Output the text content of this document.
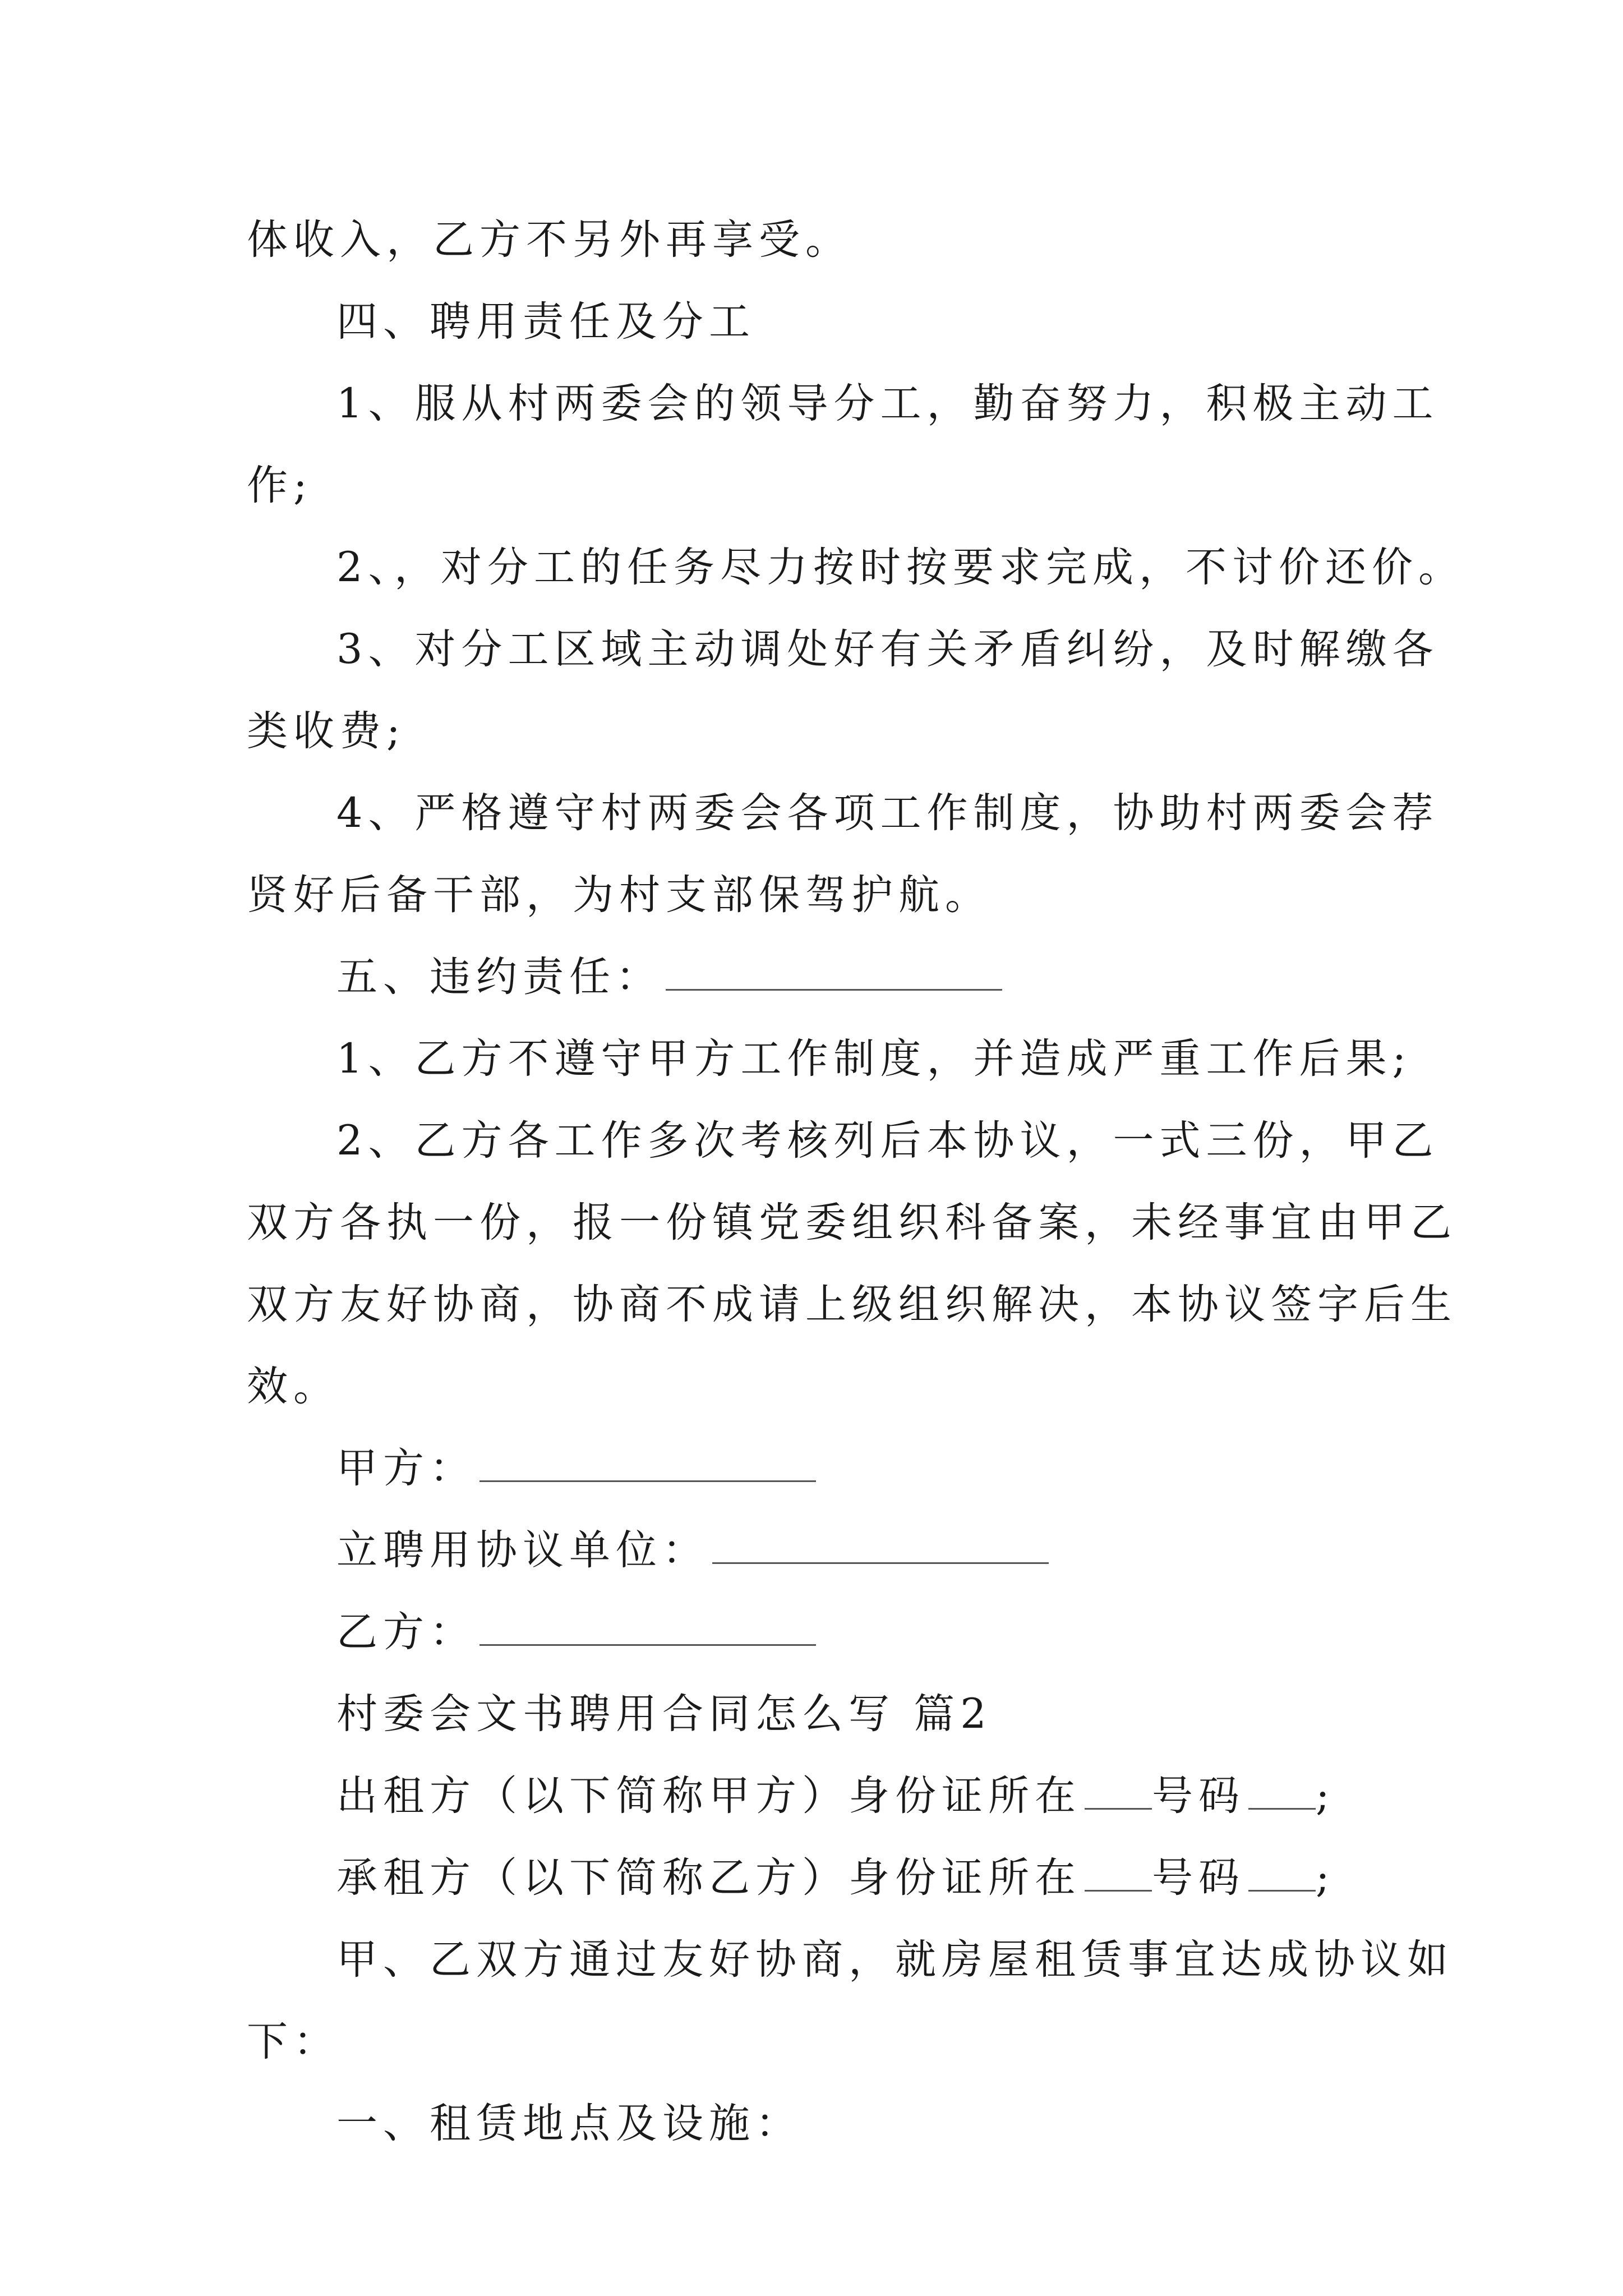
体收入，乙方不另外再享受。
四、聘用责任及分工
1、服从村两委会的领导分工，勤奋努力，积极主动工
作;
2、，对分工的任务尽力按时按要求完成，不讨价还价。
3、对分工区域主动调处好有关矛盾纠纷，及时解缴各
类收费;
4、严格遵守村两委会各项工作制度，协助村两委会荐
贤好后备干部，为村支部保驾护航。
五、违约责任：
1、乙方不遵守甲方工作制度，并造成严重工作后果;
2、乙方各工作多次考核列后本协议，一式三份，甲乙
双方各执一份，报一份镇党委组织科备案，未经事宜由甲乙
双方友好协商，协商不成请上级组织解决，本协议签字后生
效。
甲方：
立聘用协议单位：
乙方：
村委会文书聘用合同怎么写 篇2
出租方（以下简称甲方）身份证所在 号码 ;
承租方（以下简称乙方）身份证所在 号码 ;
甲、乙双方通过友好协商，就房屋租赁事宜达成协议如
下：
一、租赁地点及设施：
